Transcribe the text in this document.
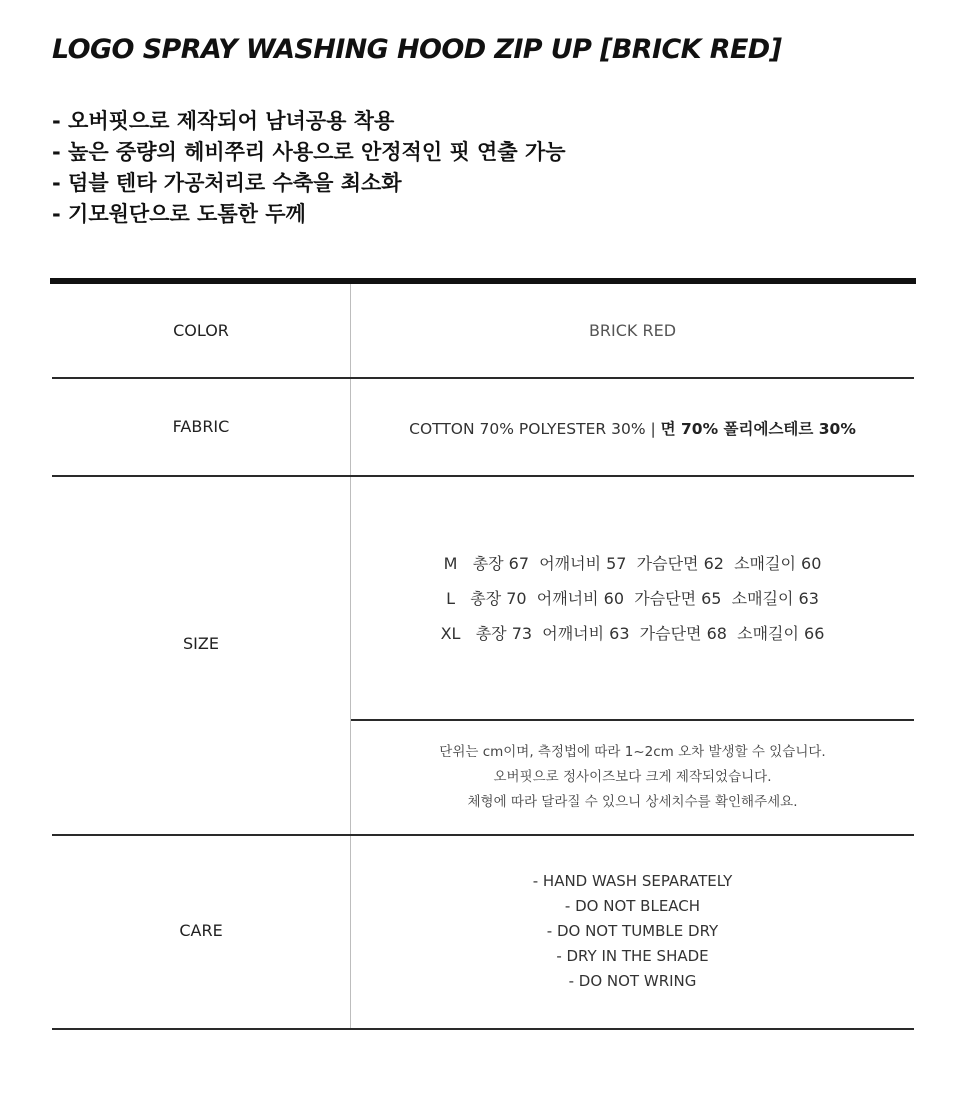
LOGO SPRAY WASHING HOOD ZIP UP [BRICK RED]
- 오버핏으로 제작되어 남녀공용 착용
- 높은 중량의 헤비쭈리 사용으로 안정적인 핏 연출 가능
- 덤블 텐타 가공처리로 수축을 최소화
- 기모원단으로 도톰한 두께
COLOR	BRICK RED
FABRIC	COTTON 70% POLYESTER 30% | 면 70% 폴리에스테르 30%
SIZE
M   총장 67  어깨너비 57  가슴단면 62  소매길이 60
L   총장 70  어깨너비 60  가슴단면 65  소매길이 63
XL   총장 73  어깨너비 63  가슴단면 68  소매길이 66
단위는 cm이며, 측정법에 따라 1~2cm 오차 발생할 수 있습니다.
오버핏으로 정사이즈보다 크게 제작되었습니다.
체형에 따라 달라질 수 있으니 상세치수를 확인해주세요.
CARE
- HAND WASH SEPARATELY
- DO NOT BLEACH
- DO NOT TUMBLE DRY
- DRY IN THE SHADE
- DO NOT WRING
